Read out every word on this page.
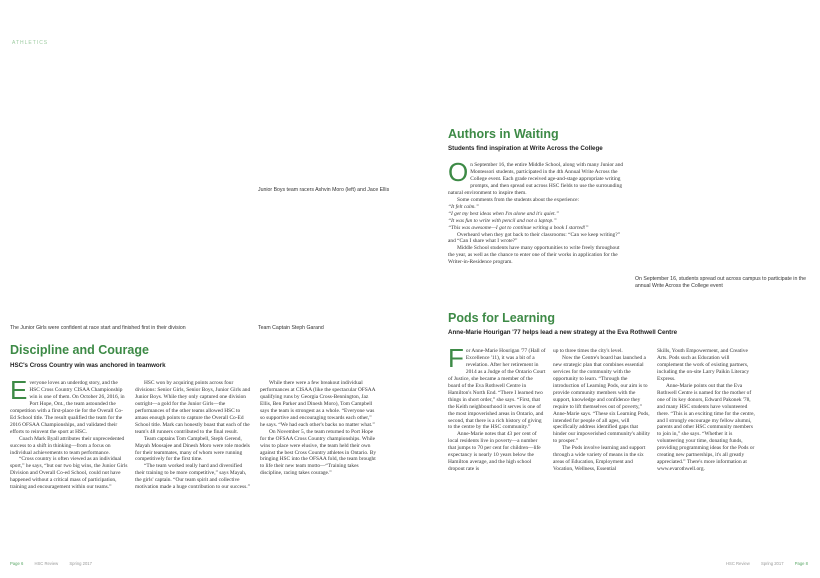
ATHLETICS
Junior Boys team racers Ashvin Moro (left) and Jace Ellis
The Junior Girls were confident at race start and finished first in their division	Team Captain Steph Garand
Discipline and Courage
HSC's Cross Country win was anchored in teamwork
E veryone loves an underdog story, and the HSC Cross Country CISAA Championship win is one of them. On October 26, 2016, in Port Hope, Ont., the team astounded the competition with a first-place tie for the Overall Co-Ed School title. The result qualified the team for the 2016 OFSAA Championships, and validated their efforts to reinvent the sport at HSC.

Coach Mark Byall attributes their unprecedented success to a shift in thinking—from a focus on individual achievements to team performance.

“Cross country is often viewed as an individual sport,” he says, “but our two big wins, the Junior Girls Division and Overall Co-ed School, could not have happened without a critical mass of participation, training and encouragement within our teams.”

HSC won by acquiring points across four divisions: Senior Girls, Senior Boys, Junior Girls and Junior Boys. While they only captured one division outright—a gold for the Junior Girls—the performances of the other teams allowed HSC to amass enough points to capture the Overall Co-Ed School title. Mark can honestly boast that each of the team's 48 runners contributed to the final result.

Team captains Tom Campbell, Steph Gerend, Mayah Moosajee and Dinesh Moro were role models for their teammates, many of whom were running competitively for the first time.

“The team worked really hard and diversified their training to be more competitive,” says Mayah, the girls' captain. “Our team spirit and collective motivation made a huge contribution to our success.”

While there were a few breakout individual performances at CISAA (like the spectacular OFSAA qualifying runs by Georgia Cross-Bennington, Jaz Ellis, Ben Parker and Dinesh Moro), Tom Campbell says the team is strongest as a whole. “Everyone was so supportive and encouraging towards each other,” he says. “We had each other's backs no matter what.”

On November 5, the team returned to Port Hope for the OFSAA Cross Country championships. While wins to place were elusive, the team held their own against the best Cross Country athletes in Ontario. By bringing HSC into the OFSAA fold, the team brought to life their new team motto—“Training takes discipline, racing takes courage.”

Page 6	HSC Review	Spring 2017
Authors in Waiting
Students find inspiration at Write Across the College
O n September 16, the entire Middle School, along with many Junior and Montessori students, participated in the 4th Annual Write Across the College event. Each grade received age-and-stage appropriate writing prompts, and then spread out across HSC fields to use the surrounding natural environment to inspire them.

Some comments from the students about the experience:

“It felt calm.”

“I get my best ideas when I'm alone and it's quiet.”

“It was fun to write with pencil and not a laptop.”

“This was awesome—I got to continue writing a book I started!”

Overheard when they got back to their classrooms: “Can we keep writing?” and “Can I share what I wrote?”

Middle School students have many opportunities to write freely throughout the year, as well as the chance to enter one of their works in application for the Writer-in-Residence program.

On September 16, students spread out across campus to participate in the annual Write Across the College event
Pods for Learning
Anne-Marie Hourigan '77 helps lead a new strategy at the Eva Rothwell Centre
F or Anne-Marie Hourigan '77 (Hall of Excellence '11), it was a bit of a revelation. After her retirement in 2014 as a Judge of the Ontario Court of Justice, she became a member of the board of the Eva Rothwell Centre in Hamilton's North End. “There I learned two things in short order,” she says. “First, that the Keith neighbourhood it serves is one of the most impoverished areas in Ontario, and second, that there is a rich history of giving to the centre by the HSC community.”

Anne-Marie notes that 43 per cent of local residents live in poverty—a number that jumps to 70 per cent for children—life expectancy is nearly 10 years below the Hamilton average, and the high school dropout rate is

up to three times the city's level.

Now the Centre's board has launched a new strategic plan that combines essential services for the community with the opportunity to learn. “Through the introduction of Learning Pods, our aim is to provide community members with the support, knowledge and confidence they require to lift themselves out of poverty,” Anne-Marie says. “These six Learning Pods, intended for people of all ages, will specifically address identified gaps that hinder our impoverished community's ability to prosper.”

The Pods involve learning and support through a wide variety of means in the six areas of Education, Employment and Vocation, Wellness, Essential

Skills, Youth Empowerment, and Creative Arts. Pods such as Education will complement the work of existing partners, including the on-site Larry Paikin Literacy Express.

Anne-Marie points out that the Eva Rothwell Centre is named for the mother of one of its key donors, Edward Pakonek '78, and many HSC students have volunteered there. “This is an exciting time for the centre, and I strongly encourage my fellow alumni, parents and other HSC community members to join in,” she says. “Whether it is volunteering your time, donating funds, providing programming ideas for the Pods or creating new partnerships, it's all greatly appreciated.” There's more information at www.evarothwell.org.

HSC Review	Spring 2017	Page 8
